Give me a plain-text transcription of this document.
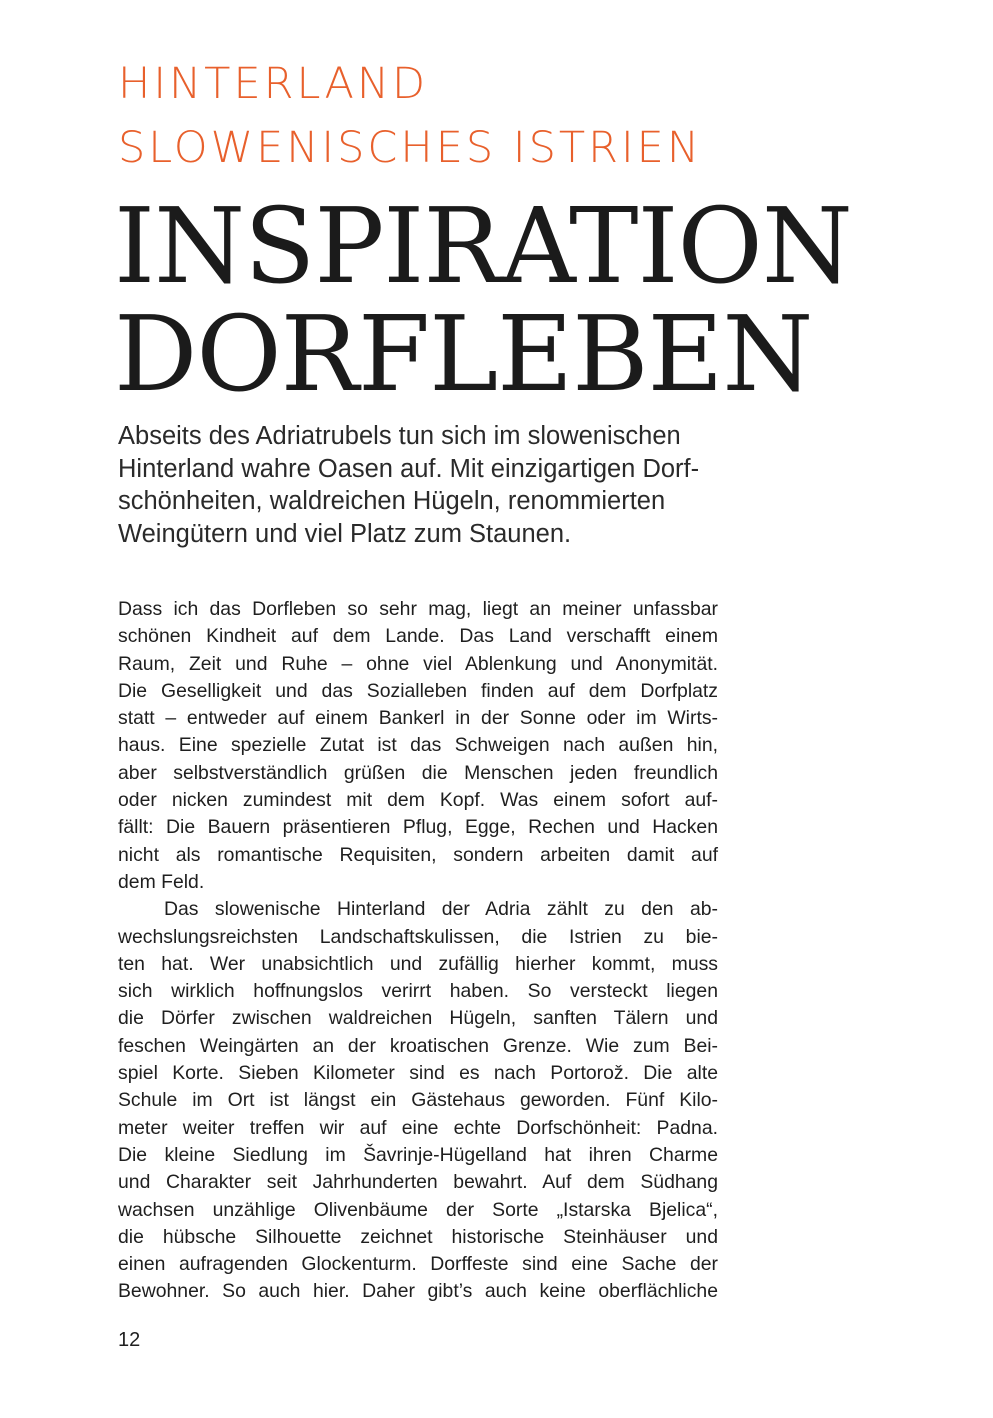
HINTERLAND
SLOWENISCHES ISTRIEN
INSPIRATION
DORFLEBEN

Abseits des Adriatrubels tun sich im slowenischen
Hinterland wahre Oasen auf. Mit einzigartigen Dorf-
schönheiten, waldreichen Hügeln, renommierten
Weingütern und viel Platz zum Staunen.

Dass ich das Dorfleben so sehr mag, liegt an meiner unfassbar
schönen Kindheit auf dem Lande. Das Land verschafft einem
Raum, Zeit und Ruhe – ohne viel Ablenkung und Anonymität.
Die Geselligkeit und das Sozialleben finden auf dem Dorfplatz
statt – entweder auf einem Bankerl in der Sonne oder im Wirts-
haus. Eine spezielle Zutat ist das Schweigen nach außen hin,
aber selbstverständlich grüßen die Menschen jeden freundlich
oder nicken zumindest mit dem Kopf. Was einem sofort auf-
fällt: Die Bauern präsentieren Pflug, Egge, Rechen und Hacken
nicht als romantische Requisiten, sondern arbeiten damit auf
dem Feld.
Das slowenische Hinterland der Adria zählt zu den ab-
wechslungsreichsten Landschaftskulissen, die Istrien zu bie-
ten hat. Wer unabsichtlich und zufällig hierher kommt, muss
sich wirklich hoffnungslos verirrt haben. So versteckt liegen
die Dörfer zwischen waldreichen Hügeln, sanften Tälern und
feschen Weingärten an der kroatischen Grenze. Wie zum Bei-
spiel Korte. Sieben Kilometer sind es nach Portorož. Die alte
Schule im Ort ist längst ein Gästehaus geworden. Fünf Kilo-
meter weiter treffen wir auf eine echte Dorfschönheit: Padna.
Die kleine Siedlung im Šavrinje-Hügelland hat ihren Charme
und Charakter seit Jahrhunderten bewahrt. Auf dem Südhang
wachsen unzählige Olivenbäume der Sorte „Istarska Bjelica“,
die hübsche Silhouette zeichnet historische Steinhäuser und
einen aufragenden Glockenturm. Dorffeste sind eine Sache der
Bewohner. So auch hier. Daher gibt’s auch keine oberflächliche
12
